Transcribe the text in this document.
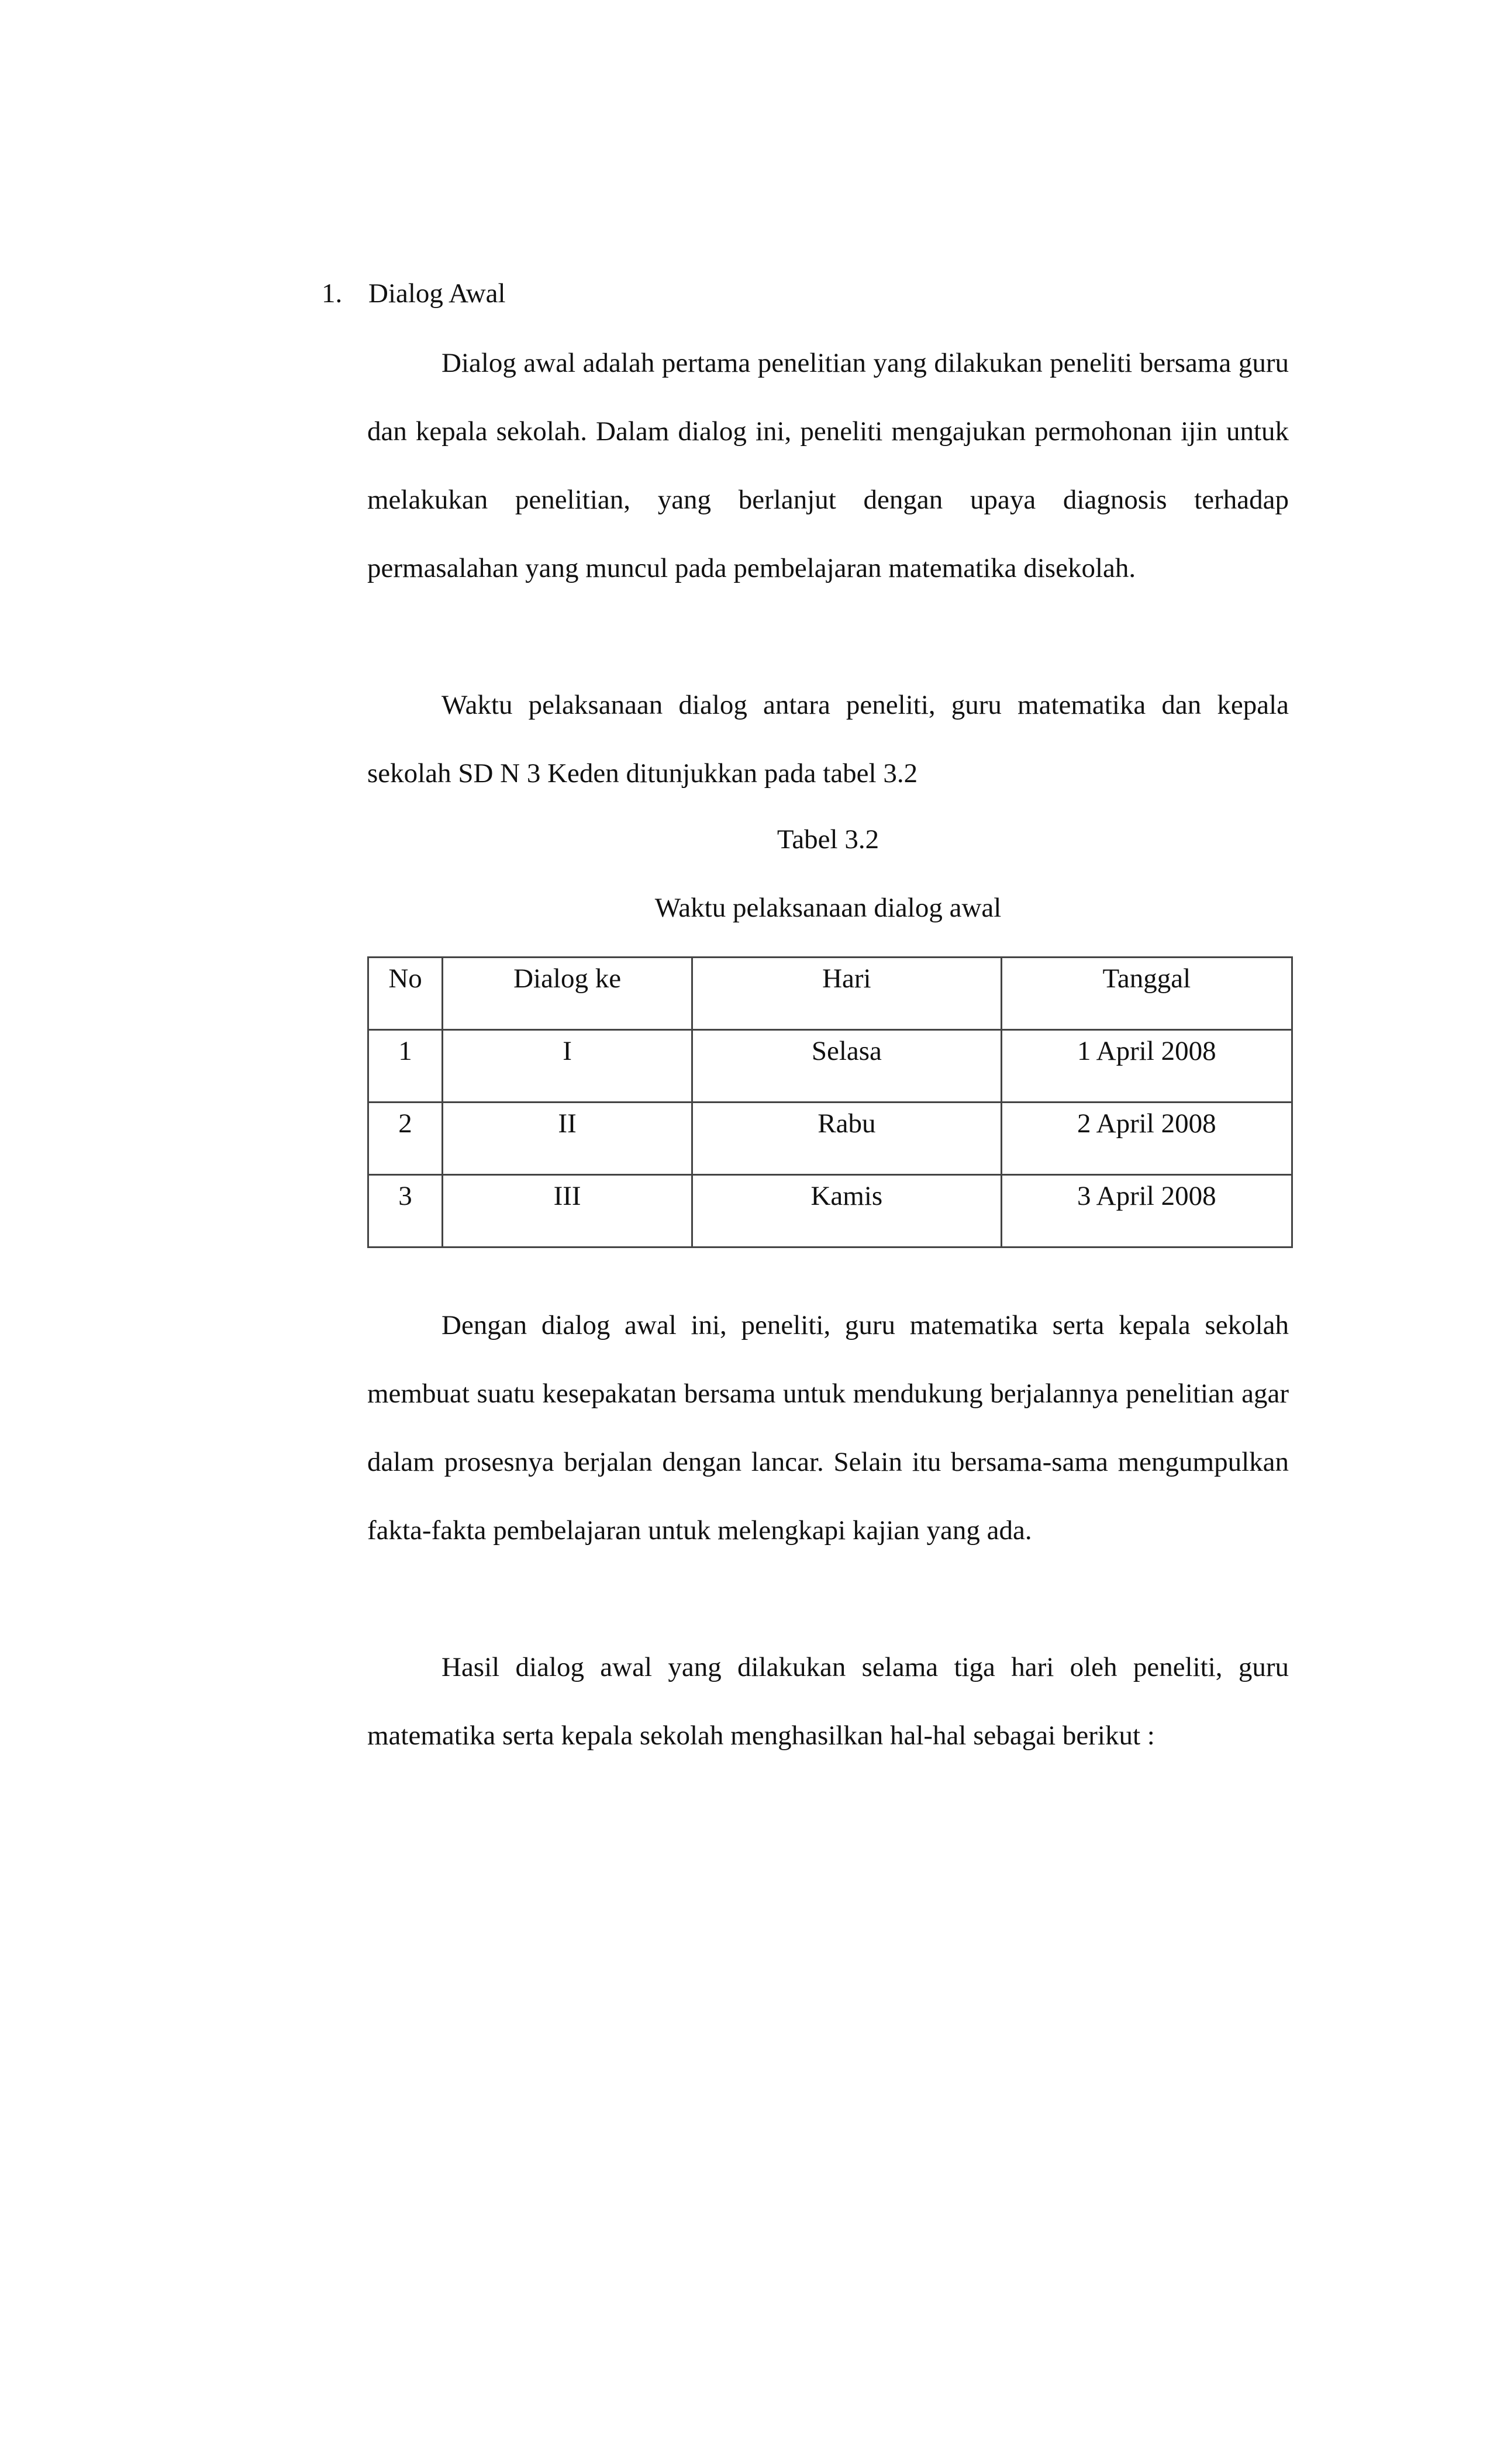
1. Dialog Awal

Dialog awal adalah pertama penelitian yang dilakukan peneliti bersama guru dan kepala sekolah. Dalam dialog ini, peneliti mengajukan permohonan ijin untuk melakukan penelitian, yang berlanjut dengan upaya diagnosis terhadap permasalahan yang muncul pada pembelajaran matematika disekolah.

Waktu pelaksanaan dialog antara peneliti, guru matematika dan kepala sekolah SD N 3 Keden ditunjukkan pada tabel 3.2

Tabel 3.2
Waktu pelaksanaan dialog awal
No	Dialog ke	Hari	Tanggal
1	I	Selasa	1 April 2008
2	II	Rabu	2 April 2008
3	III	Kamis	3 April 2008

Dengan dialog awal ini, peneliti, guru matematika serta kepala sekolah membuat suatu kesepakatan bersama untuk mendukung berjalannya penelitian agar dalam prosesnya berjalan dengan lancar. Selain itu bersama-sama mengumpulkan fakta-fakta pembelajaran untuk melengkapi kajian yang ada.

Hasil dialog awal yang dilakukan selama tiga hari oleh peneliti, guru matematika serta kepala sekolah menghasilkan hal-hal sebagai berikut :
